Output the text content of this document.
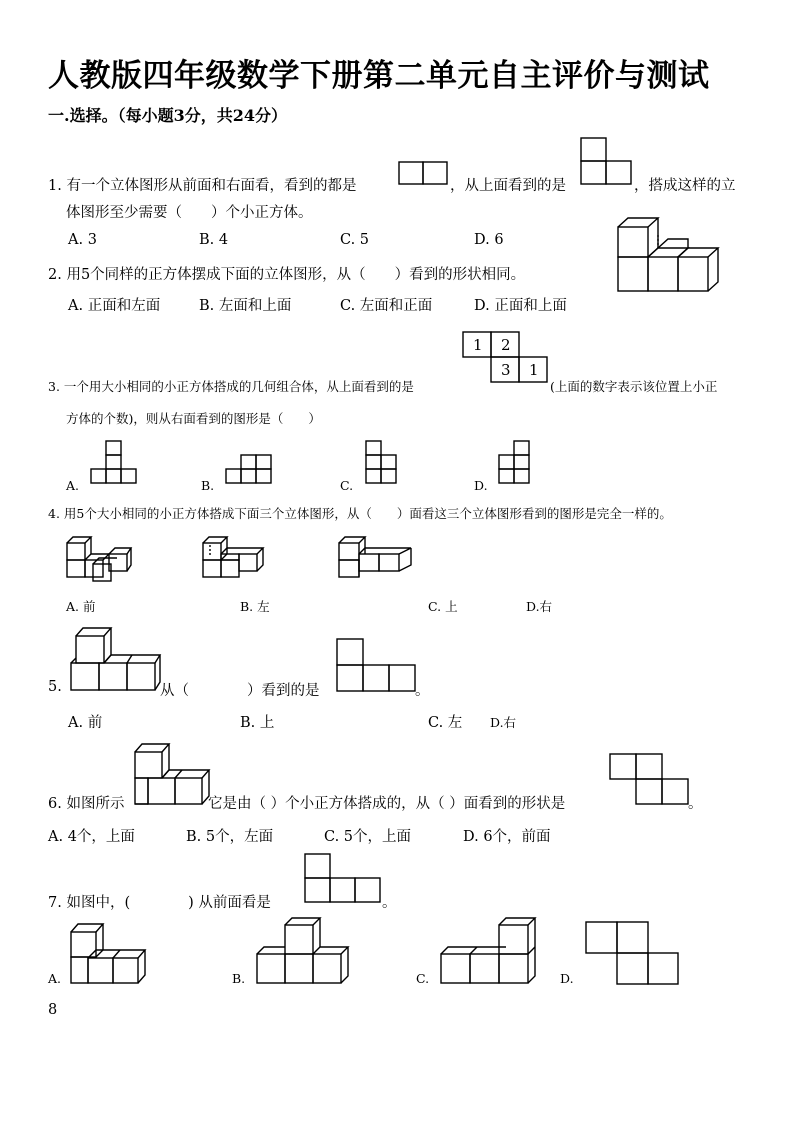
人教版四年级数学下册第二单元自主评价与测试
一.选择。（每小题3分，共24分）
1. 有一个立体图形从前面和右面看，看到的都是	，从上面看到的是	，搭成这样的立
体图形至少需要（　　）个小正方体。
A. 3	B. 4	C. 5	D. 6
2. 用5个同样的正方体摆成下面的立体图形，从（　　）看到的形状相同。
A. 正面和左面	B. 左面和上面	C. 左面和正面	D. 正面和上面
1 2
3 1
3. 一个用大小相同的小正方体搭成的几何组合体，从上面看到的是	(上面的数字表示该位置上小正
方体的个数)，则从右面看到的图形是（　　）
A.	B.	C.	D.
4. 用5个大小相同的小正方体搭成下面三个立体图形，从（　　）面看这三个立体图形看到的图形是完全一样的。
A. 前	B. 左	C. 上	D.右
5.	从（　　　　）看到的是	。
A. 前	B. 上	C. 左 D.右
6. 如图所示	它是由（ ）个小正方体搭成的，从（ ）面看到的形状是	。
A. 4个，上面	B. 5个，左面	C. 5个，上面	D. 6个，前面
7. 如图中，(　　　　) 从前面看是	。
A.	B.	C.	D.
8
